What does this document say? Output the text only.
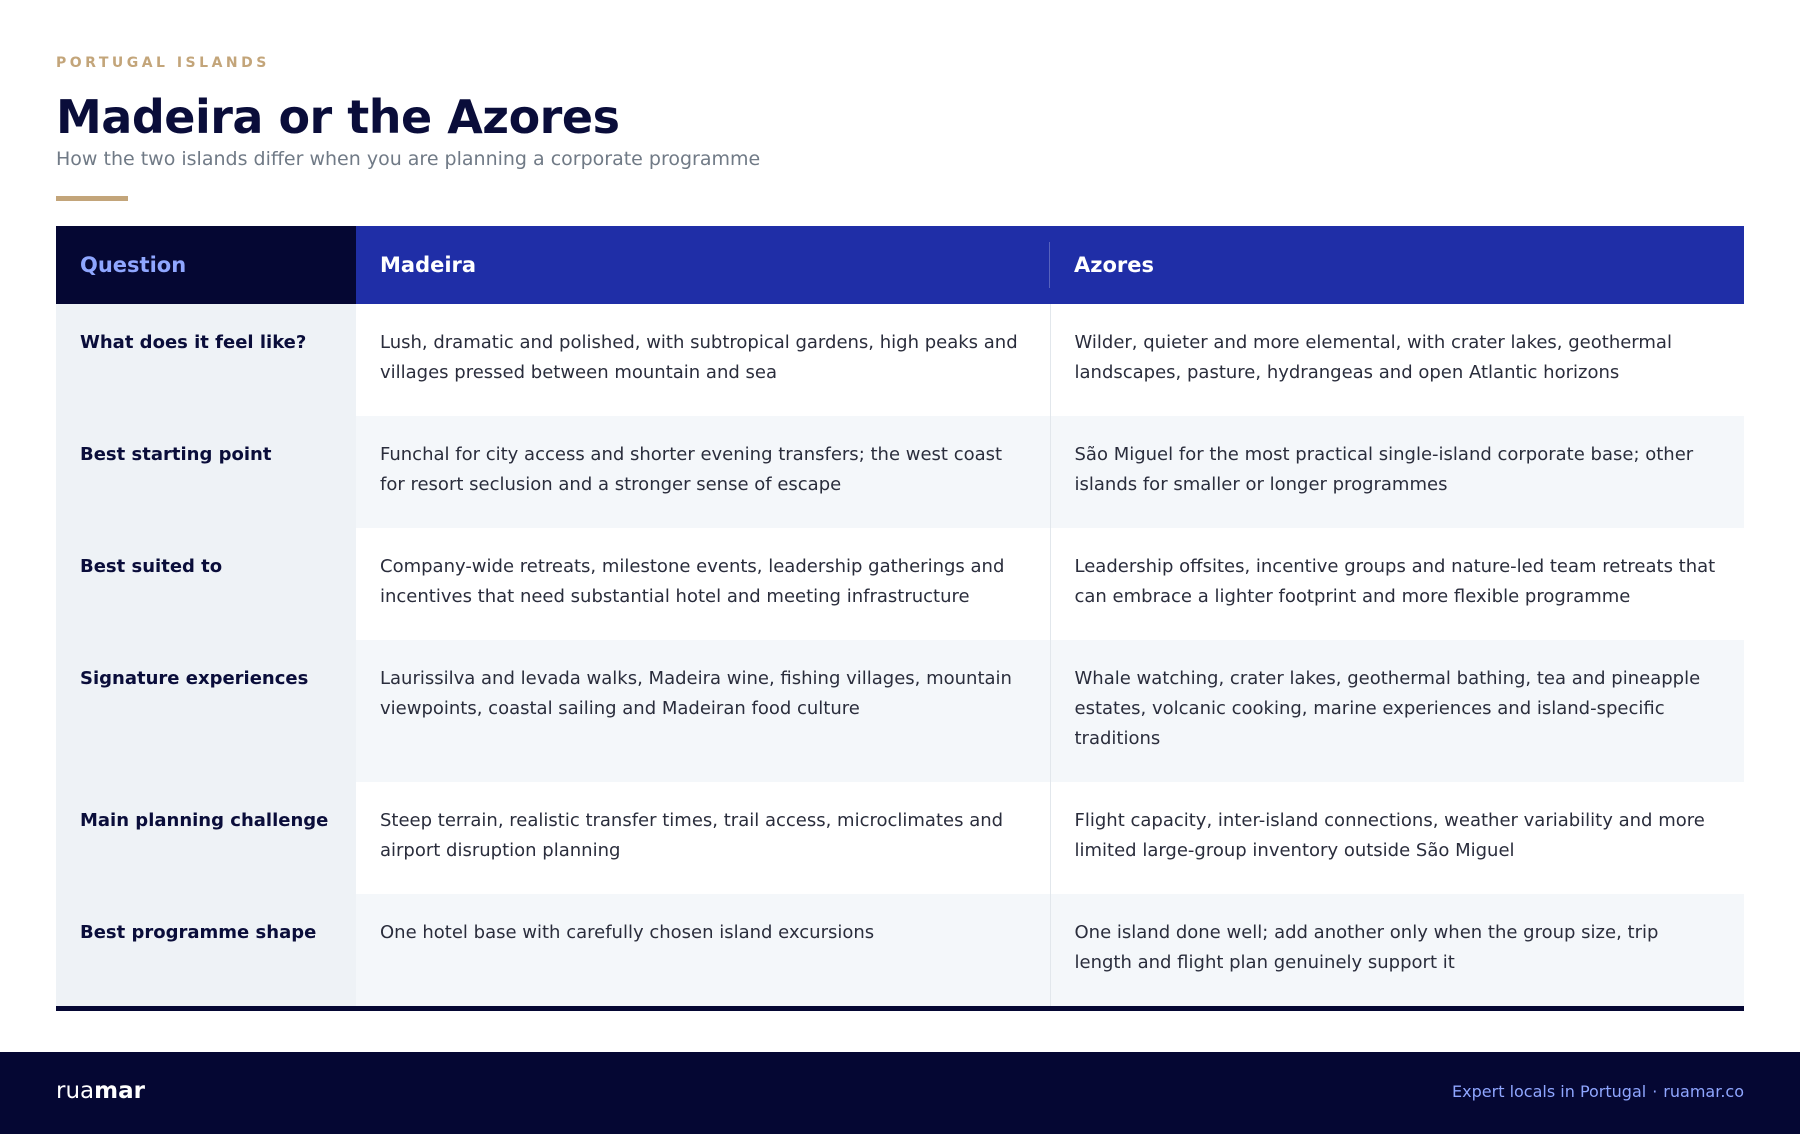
PORTUGAL ISLANDS
Madeira or the Azores
How the two islands differ when you are planning a corporate programme
Question	Madeira	Azores
What does it feel like?	Lush, dramatic and polished, with subtropical gardens, high peaks and villages pressed between mountain and sea	Wilder, quieter and more elemental, with crater lakes, geothermal landscapes, pasture, hydrangeas and open Atlantic horizons
Best starting point	Funchal for city access and shorter evening transfers; the west coast for resort seclusion and a stronger sense of escape	São Miguel for the most practical single-island corporate base; other islands for smaller or longer programmes
Best suited to	Company-wide retreats, milestone events, leadership gatherings and incentives that need substantial hotel and meeting infrastructure	Leadership offsites, incentive groups and nature-led team retreats that can embrace a lighter footprint and more flexible programme
Signature experiences	Laurissilva and levada walks, Madeira wine, fishing villages, mountain viewpoints, coastal sailing and Madeiran food culture	Whale watching, crater lakes, geothermal bathing, tea and pineapple estates, volcanic cooking, marine experiences and island-specific traditions
Main planning challenge	Steep terrain, realistic transfer times, trail access, microclimates and airport disruption planning	Flight capacity, inter-island connections, weather variability and more limited large-group inventory outside São Miguel
Best programme shape	One hotel base with carefully chosen island excursions	One island done well; add another only when the group size, trip length and flight plan genuinely support it
ruamar	Expert locals in Portugal · ruamar.co
